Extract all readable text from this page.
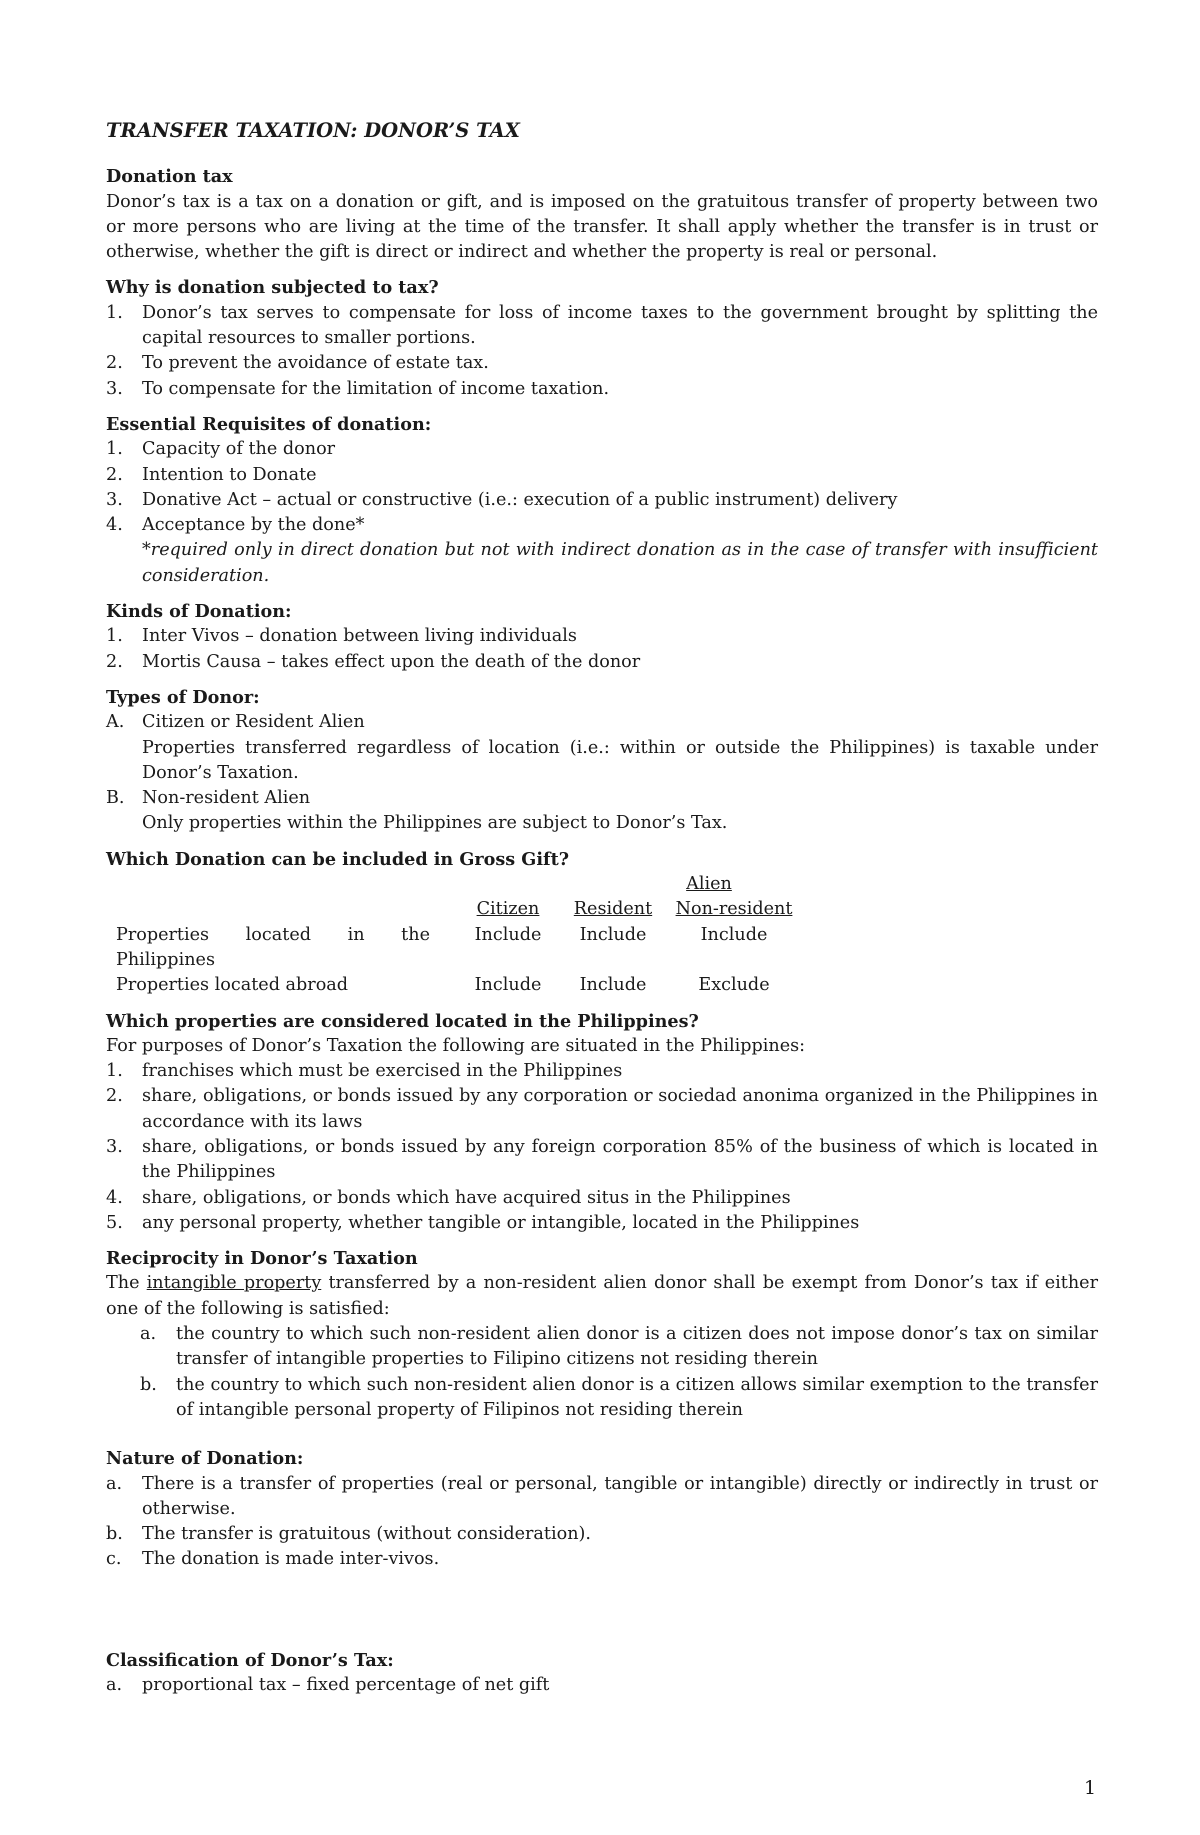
TRANSFER TAXATION: DONOR’S TAX

Donation tax

Donor’s tax is a tax on a donation or gift, and is imposed on the gratuitous transfer of property between two or more persons who are living at the time of the transfer. It shall apply whether the transfer is in trust or otherwise, whether the gift is direct or indirect and whether the property is real or personal.

Why is donation subjected to tax?

1. Donor’s tax serves to compensate for loss of income taxes to the government brought by splitting the capital resources to smaller portions.
2. To prevent the avoidance of estate tax.
3. To compensate for the limitation of income taxation.

Essential Requisites of donation:

1. Capacity of the donor
2. Intention to Donate
3. Donative Act – actual or constructive (i.e.: execution of a public instrument) delivery
4. Acceptance by the done*
*required only in direct donation but not with indirect donation as in the case of transfer with insufficient consideration.

Kinds of Donation:

1. Inter Vivos – donation between living individuals
2. Mortis Causa – takes effect upon the death of the donor

Types of Donor:

A. Citizen or Resident Alien
Properties transferred regardless of location (i.e.: within or outside the Philippines) is taxable under Donor’s Taxation.
B. Non-resident Alien
Only properties within the Philippines are subject to Donor’s Tax.

Which Donation can be included in Gross Gift?

		Alien	
	Citizen	Resident	Non-resident
Properties located in the Philippines	Include	Include	Include
Properties located abroad	Include	Include	Exclude

Which properties are considered located in the Philippines?

For purposes of Donor’s Taxation the following are situated in the Philippines:

1. franchises which must be exercised in the Philippines
2. share, obligations, or bonds issued by any corporation or sociedad anonima organized in the Philippines in accordance with its laws
3. share, obligations, or bonds issued by any foreign corporation 85% of the business of which is located in the Philippines
4. share, obligations, or bonds which have acquired situs in the Philippines
5. any personal property, whether tangible or intangible, located in the Philippines

Reciprocity in Donor’s Taxation

The intangible property transferred by a non-resident alien donor shall be exempt from Donor’s tax if either one of the following is satisfied:

a. the country to which such non-resident alien donor is a citizen does not impose donor’s tax on similar transfer of intangible properties to Filipino citizens not residing therein
b. the country to which such non-resident alien donor is a citizen allows similar exemption to the transfer of intangible personal property of Filipinos not residing therein

Nature of Donation:

a. There is a transfer of properties (real or personal, tangible or intangible) directly or indirectly in trust or otherwise.
b. The transfer is gratuitous (without consideration).
c. The donation is made inter-vivos.

Classification of Donor’s Tax:

a. proportional tax – fixed percentage of net gift
1
